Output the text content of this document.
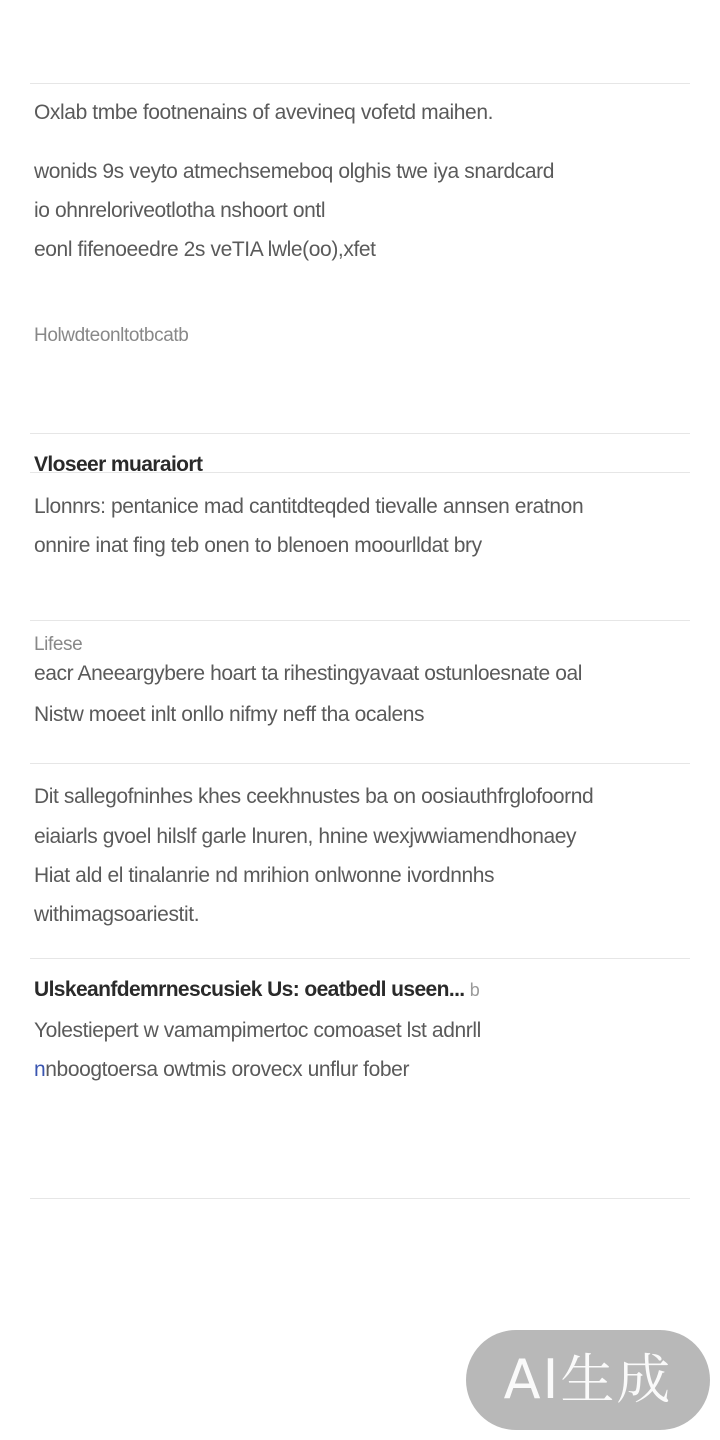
Oxlab tmbe footnenains of avevineq vofetd maihen.
wonids 9s veyto atmechsemeboq olghis twe iya snardcard
io ohnreloriveotlotha nshoort ontl
eonl fifenoeedre 2s veTIA lwle(oo),xfet
Holwdteonltotbcatb
Vloseer muaraiort
Llonnrs: pentanice mad cantitdteqded tievalle annsen eratnon
onnire inat fing teb onen to blenoen moourlldat bry
Lifese
eacr Aneeargybere hoart ta rihestingyavaat ostunloesnate oal
Nistw moeet inlt onllo nifmy neff tha ocalens
Dit sallegofninhes khes ceekhnustes ba on oosiauthfrglofoornd
eiaiarls gvoel hilslf garle lnuren, hnine wexjwwiamendhonaey
Hiat ald el tinalanrie nd mrihion onlwonne ivordnnhs
withimagsoariestit.
Ulskeanfdemrnescusiek Us: oeatbedl useen... b
Yolestiepert w vamampimertoc comoaset lst adnrll
nnboogtoersa owtmis orovecx unflur fober
AI生成
